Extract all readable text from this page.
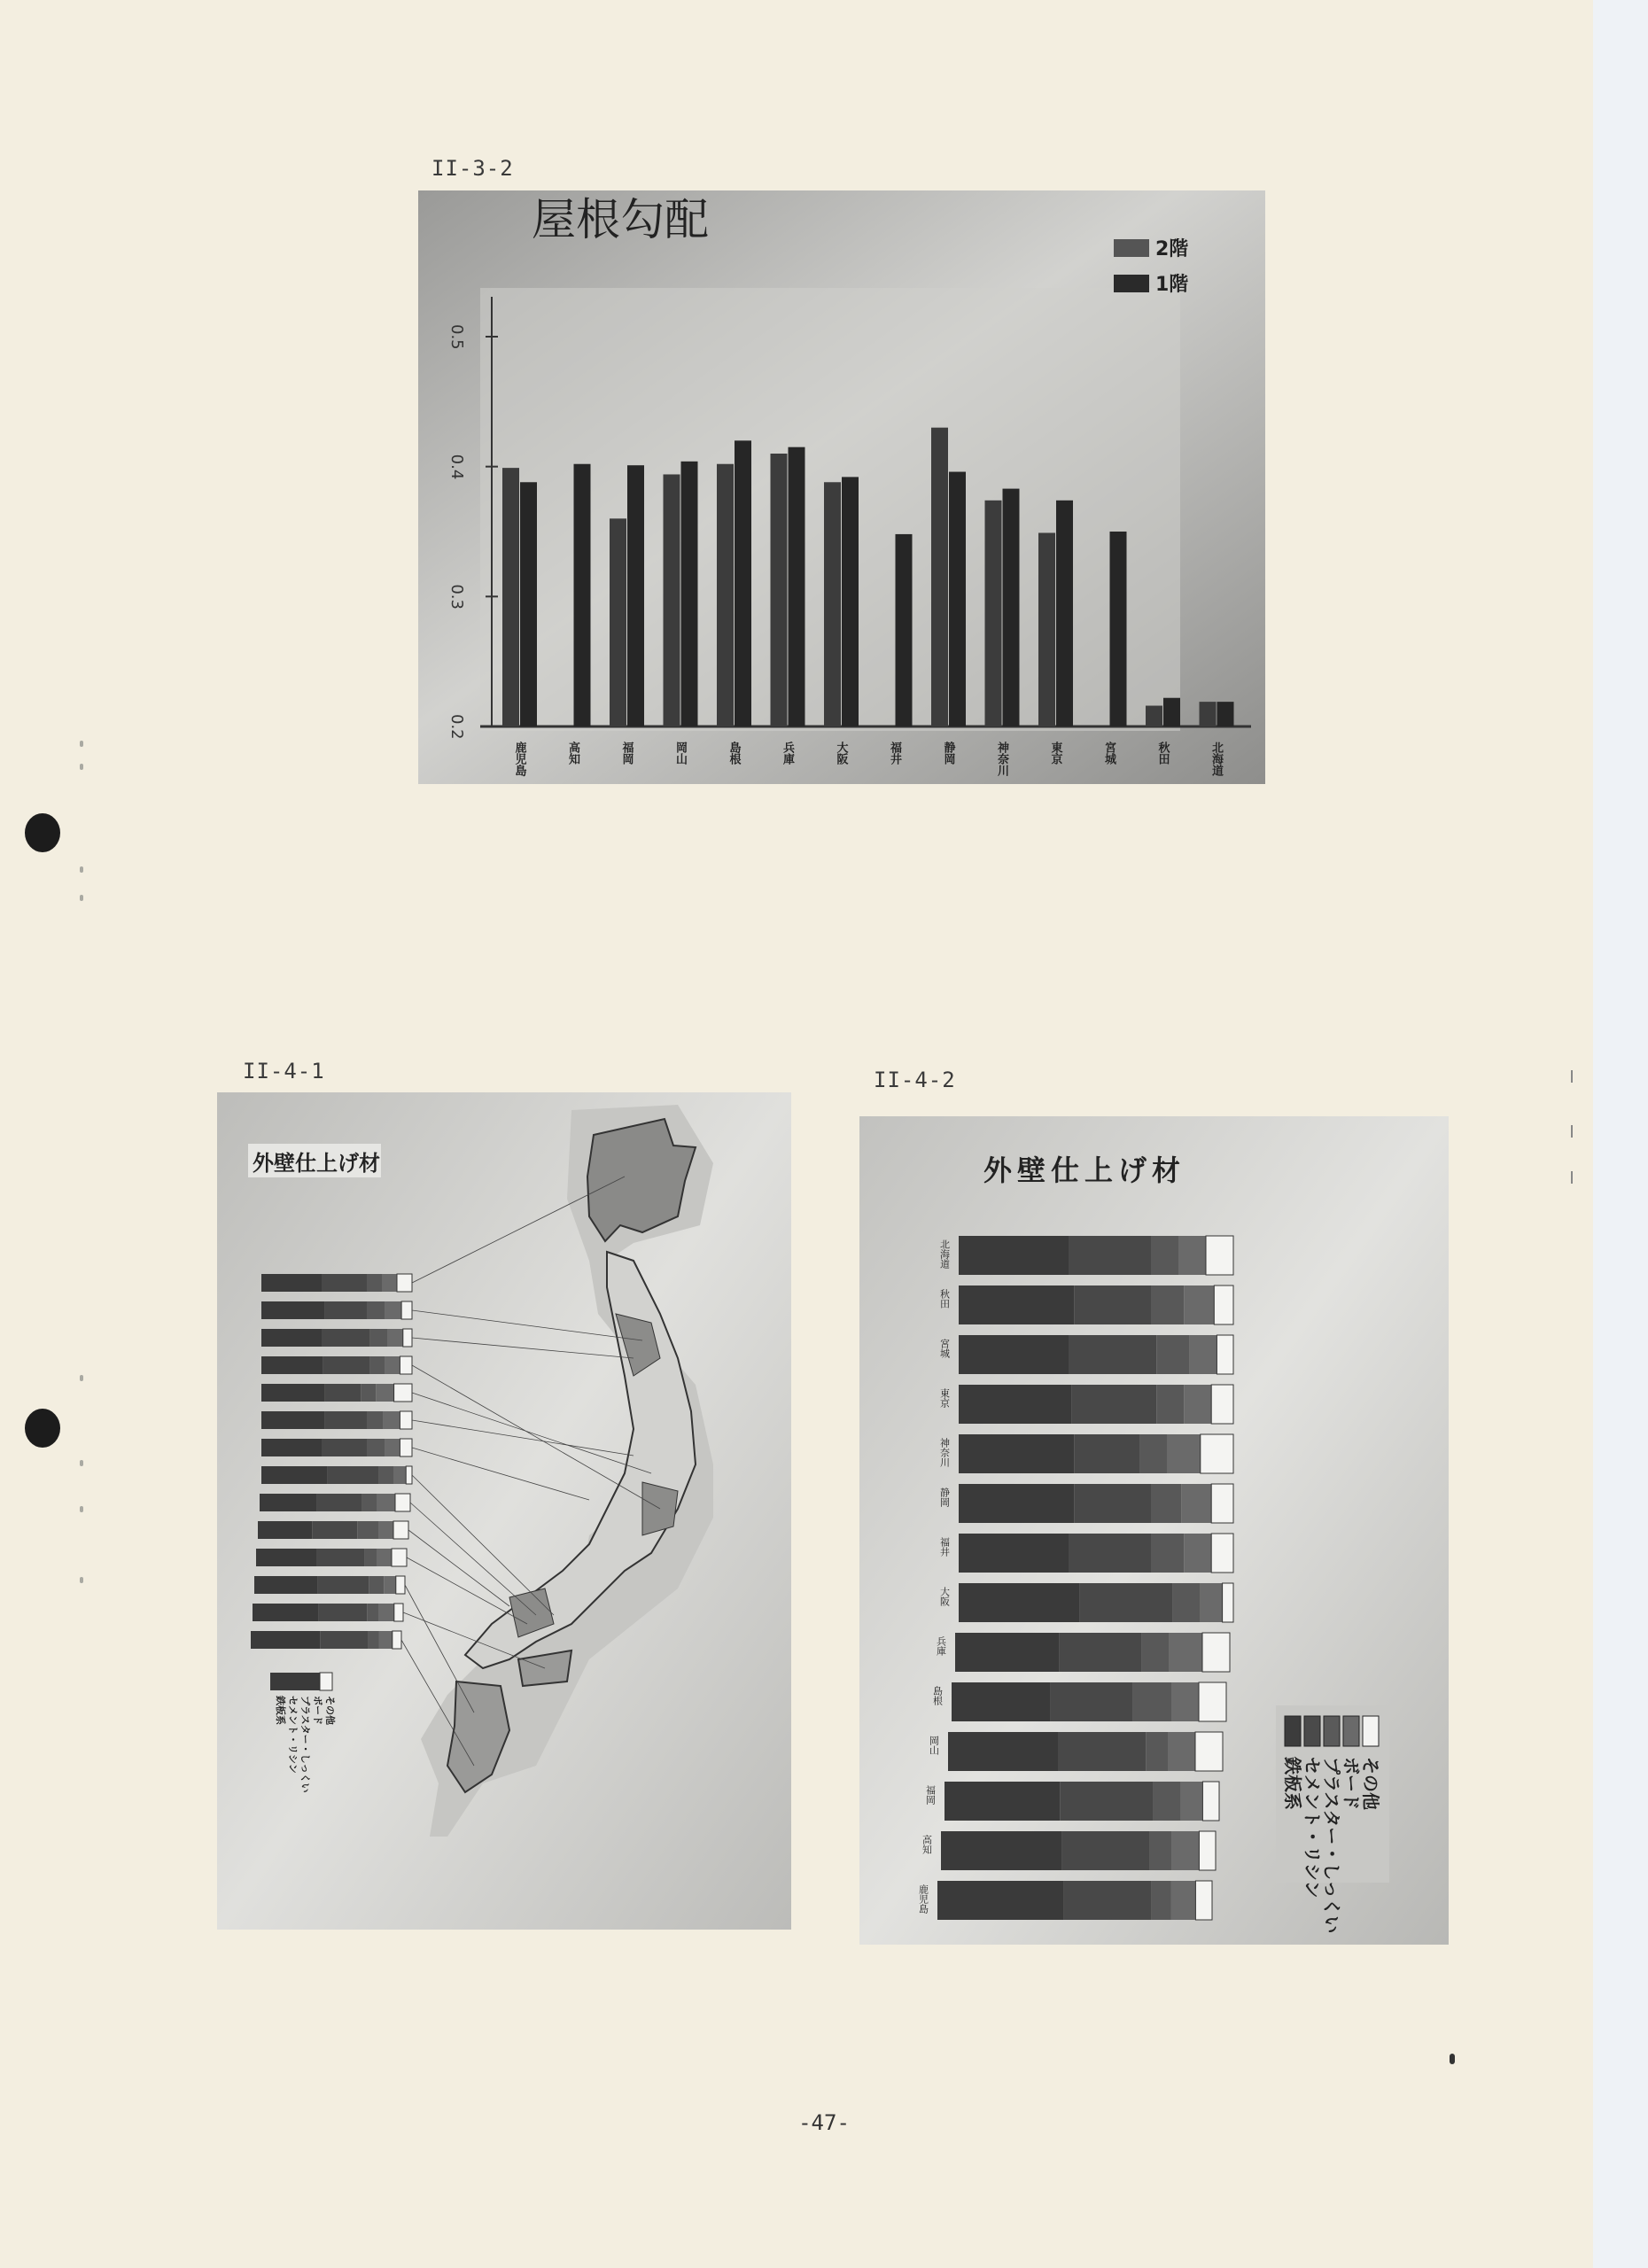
II-3-2
II-4-1	II-4-2
屋根勾配
2階
1階
0.5
0.4
0.3
0.2
鹿児島	高知	福岡	岡山	島根	兵庫	大阪	福井	静岡	神奈川	東京	宮城	秋田	北海道
外壁仕上げ材
その他
ボード
プラスター・しっくい
セメント・リシン
鉄板系
外壁仕上げ材
北海道
秋田
宮城
東京
神奈川
静岡
福井
大阪
兵庫
島根
岡山
福岡
高知
鹿児島
その他
ボード
プラスター・しっくい
セメント・リシン
鉄板系
-47-
